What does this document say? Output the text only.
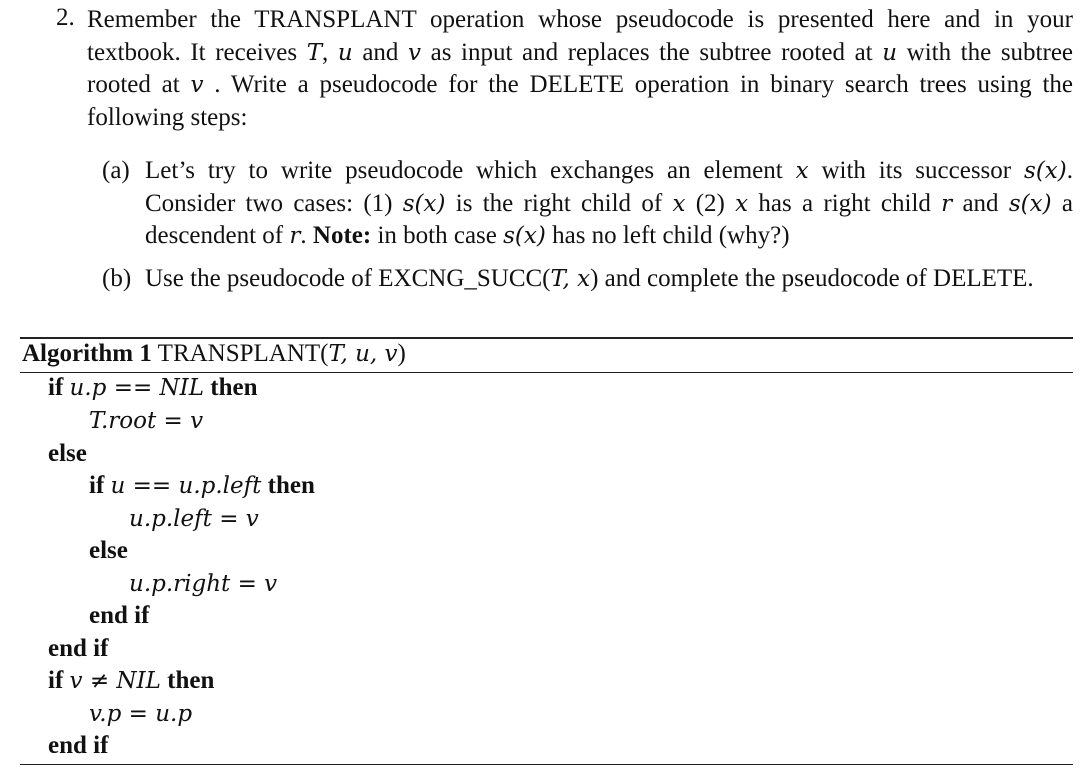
2. Remember the TRANSPLANT operation whose pseudocode is presented here and in your textbook. It receives T, u and v as input and replaces the subtree rooted at u with the subtree rooted at v . Write a pseudocode for the DELETE operation in binary search trees using the following steps:
(a) Let’s try to write pseudocode which exchanges an element x with its successor s(x). Consider two cases: (1) s(x) is the right child of x (2) x has a right child r and s(x) a descendent of r. Note: in both case s(x) has no left child (why?)
(b) Use the pseudocode of EXCNG_SUCC(T, x) and complete the pseudocode of DELETE.
Algorithm 1 TRANSPLANT(T, u, v)
if u.p == NIL then
T.root = v
else
if u == u.p.left then
u.p.left = v
else
u.p.right = v
end if
end if
if v ≠ NIL then
v.p = u.p
end if
